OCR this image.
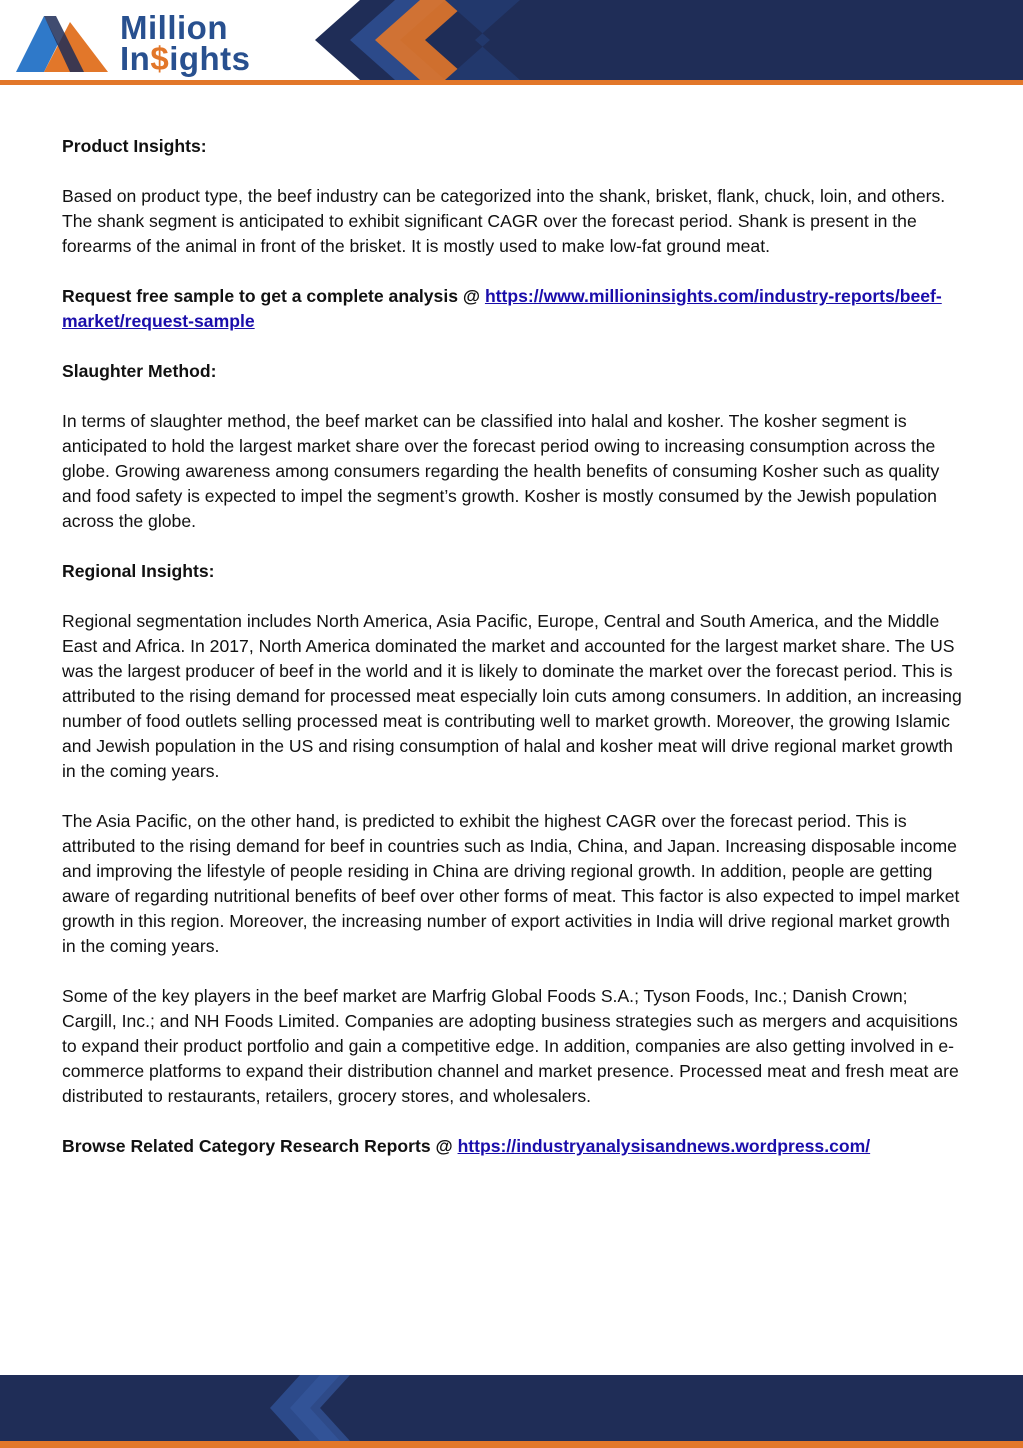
Million
In$ights

Product Insights:

Based on product type, the beef industry can be categorized into the shank, brisket, flank, chuck, loin, and others. The shank segment is anticipated to exhibit significant CAGR over the forecast period. Shank is present in the forearms of the animal in front of the brisket. It is mostly used to make low-fat ground meat.

Request free sample to get a complete analysis @ https://www.millioninsights.com/industry-reports/beef-market/request-sample

Slaughter Method:

In terms of slaughter method, the beef market can be classified into halal and kosher. The kosher segment is anticipated to hold the largest market share over the forecast period owing to increasing consumption across the globe. Growing awareness among consumers regarding the health benefits of consuming Kosher such as quality and food safety is expected to impel the segment’s growth. Kosher is mostly consumed by the Jewish population across the globe.

Regional Insights:

Regional segmentation includes North America, Asia Pacific, Europe, Central and South America, and the Middle East and Africa. In 2017, North America dominated the market and accounted for the largest market share. The US was the largest producer of beef in the world and it is likely to dominate the market over the forecast period. This is attributed to the rising demand for processed meat especially loin cuts among consumers. In addition, an increasing number of food outlets selling processed meat is contributing well to market growth. Moreover, the growing Islamic and Jewish population in the US and rising consumption of halal and kosher meat will drive regional market growth in the coming years.

The Asia Pacific, on the other hand, is predicted to exhibit the highest CAGR over the forecast period. This is attributed to the rising demand for beef in countries such as India, China, and Japan. Increasing disposable income and improving the lifestyle of people residing in China are driving regional growth. In addition, people are getting aware of regarding nutritional benefits of beef over other forms of meat. This factor is also expected to impel market growth in this region. Moreover, the increasing number of export activities in India will drive regional market growth in the coming years.

Some of the key players in the beef market are Marfrig Global Foods S.A.; Tyson Foods, Inc.; Danish Crown; Cargill, Inc.; and NH Foods Limited. Companies are adopting business strategies such as mergers and acquisitions to expand their product portfolio and gain a competitive edge. In addition, companies are also getting involved in e-commerce platforms to expand their distribution channel and market presence. Processed meat and fresh meat are distributed to restaurants, retailers, grocery stores, and wholesalers.

Browse Related Category Research Reports @ https://industryanalysisandnews.wordpress.com/
